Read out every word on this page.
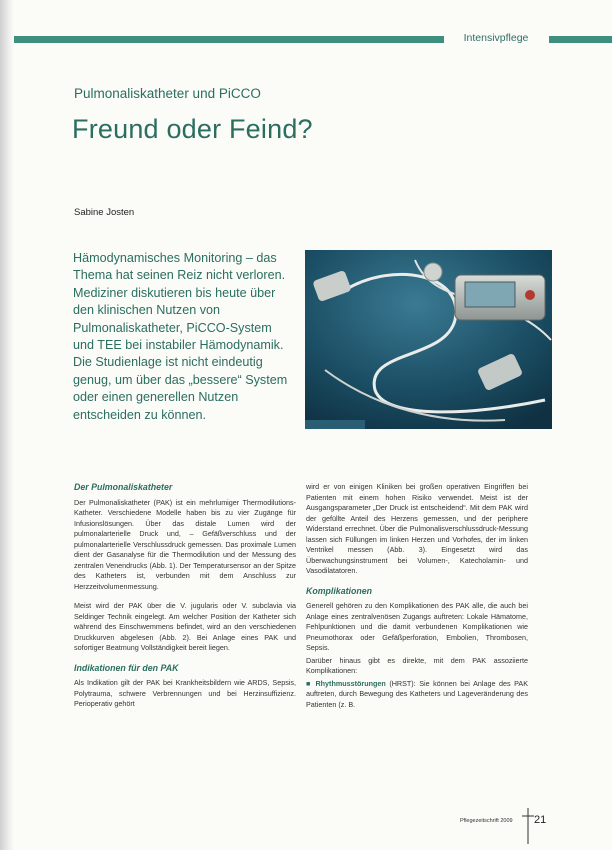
Intensivpflege
Pulmonaliskatheter und PiCCO
Freund oder Feind?
Sabine Josten
Hämodynamisches Monitoring – das Thema hat seinen Reiz nicht verloren. Mediziner diskutieren bis heute über den klinischen Nutzen von Pulmonaliskatheter, PiCCO-System und TEE bei instabiler Hämodynamik. Die Studienlage ist nicht eindeutig genug, um über das „bessere“ System oder einen generellen Nutzen entscheiden zu können.
Der Pulmonaliskatheter

Der Pulmonaliskatheter (PAK) ist ein mehrlumiger Thermodilutions-Katheter. Verschiedene Modelle haben bis zu vier Zugänge für Infusionslösungen. Über das distale Lumen wird der pulmonalarterielle Druck und, – Gefäßverschluss und der pulmonalarterielle Verschlussdruck gemessen. Das proximale Lumen dient der Gasanalyse für die Thermodilution und der Messung des zentralen Venendrucks (Abb. 1). Der Temperatursensor an der Spitze des Katheters ist, verbunden mit dem Anschluss zur Herzzeitvolumenmessung.

Meist wird der PAK über die V. jugularis oder V. subclavia via Seldinger Technik eingelegt. Am welcher Position der Katheter sich während des Einschwemmens befindet, wird an den verschiedenen Druckkurven abgelesen (Abb. 2). Bei Anlage eines PAK und sofortiger Beatmung Vollständigkeit bereit liegen.

Indikationen für den PAK

Als Indikation gilt der PAK bei Krankheitsbildern wie ARDS, Sepsis, Polytrauma, schwere Verbrennungen und bei Herzinsuffizienz. Perioperativ gehört

wird er von einigen Kliniken bei großen operativen Eingriffen bei Patienten mit einem hohen Risiko verwendet. Meist ist der Ausgangsparameter „Der Druck ist entscheidend“. Mit dem PAK wird der gefüllte Anteil des Herzens gemessen, und der periphere Widerstand errechnet. Über die Pulmonalisverschlussdruck-Messung lassen sich Füllungen im linken Herzen und Vorhofes, der im linken Ventrikel messen (Abb. 3). Eingesetzt wird das Überwachungsinstrument bei Volumen-, Katecholamin- und Vasodilatatoren.

Komplikationen

Generell gehören zu den Komplikationen des PAK alle, die auch bei Anlage eines zentralvenösen Zugangs auftreten: Lokale Hämatome, Fehlpunktionen und die damit verbundenen Komplikationen wie Pneumothorax oder Gefäßperforation, Embolien, Thrombosen, Sepsis.

Darüber hinaus gibt es direkte, mit dem PAK assoziierte Komplikationen:

■ Rhythmusstörungen (HRST): Sie können bei Anlage des PAK auftreten, durch Bewegung des Katheters und Lageveränderung des Patienten (z. B.

Pflegezeitschrift 2009 21
